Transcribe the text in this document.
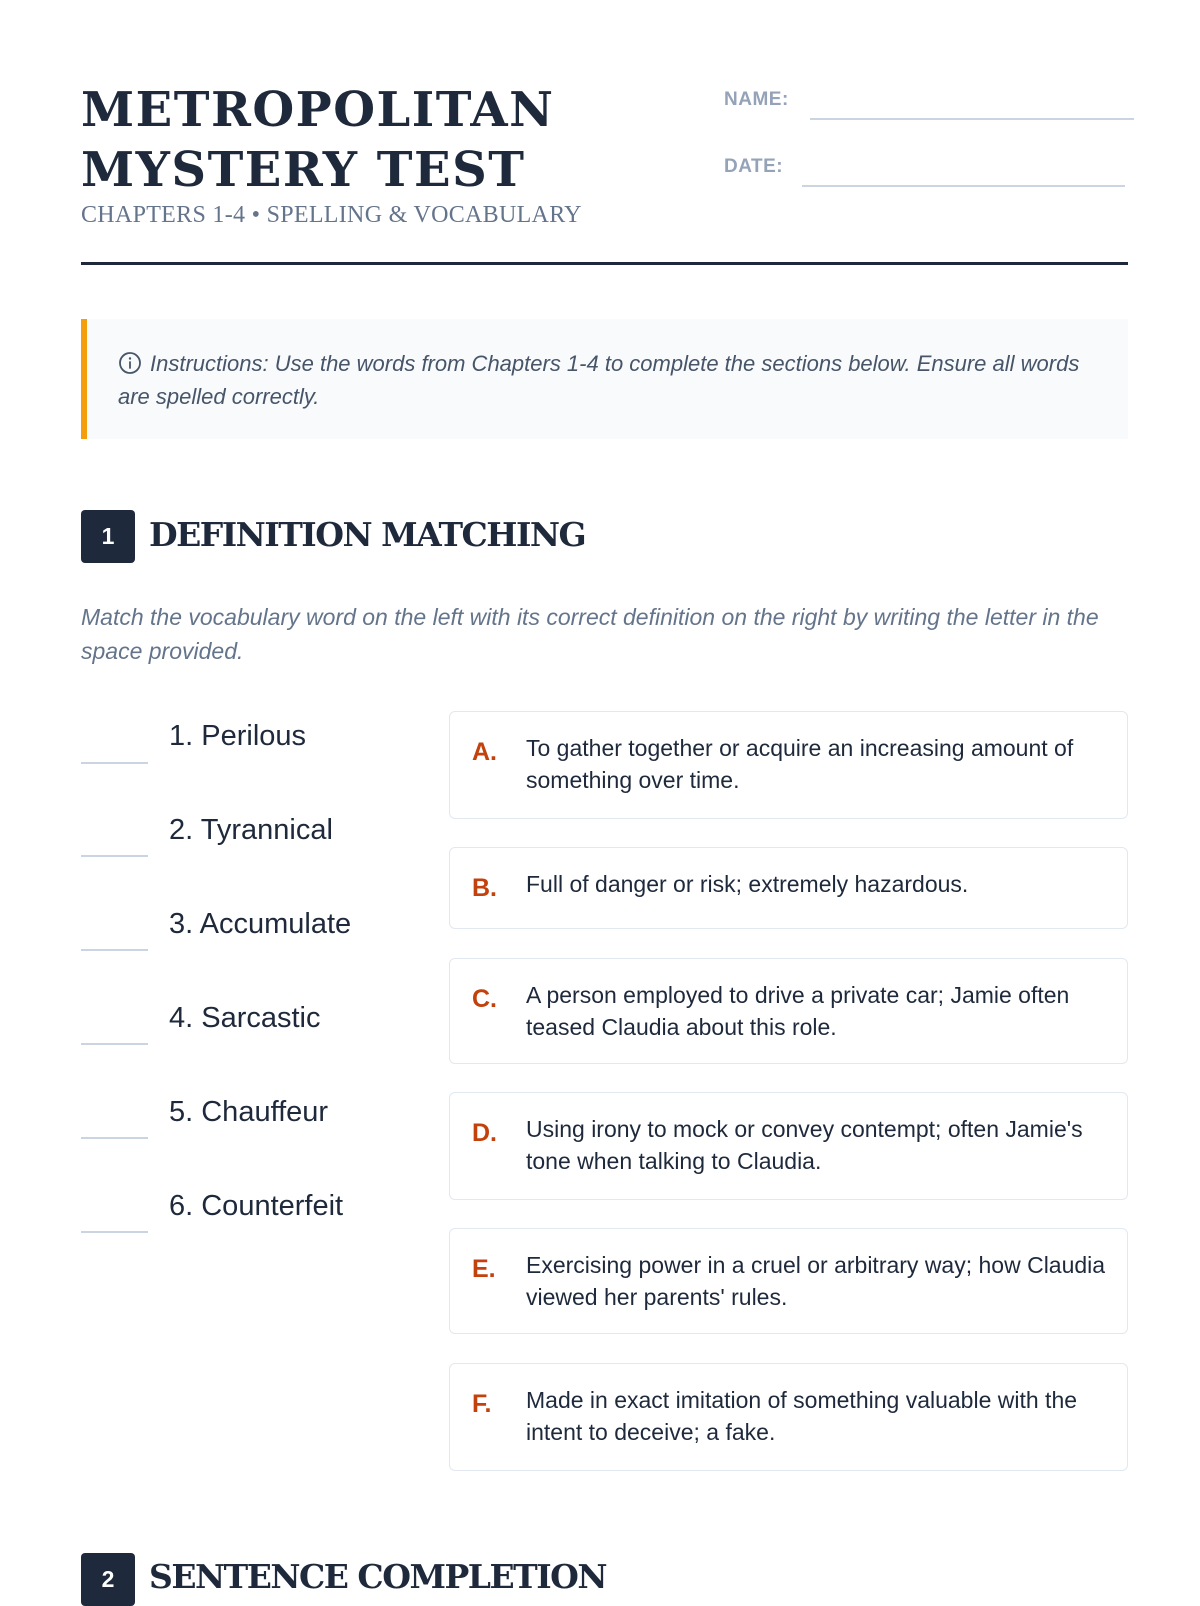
METROPOLITAN
MYSTERY TEST
CHAPTERS 1-4 • SPELLING & VOCABULARY
NAME:
DATE:
Instructions: Use the words from Chapters 1-4 to complete the sections below. Ensure all words are spelled correctly.
1	DEFINITION MATCHING
Match the vocabulary word on the left with its correct definition on the right by writing the letter in the space provided.
1. Perilous
2. Tyrannical
3. Accumulate
4. Sarcastic
5. Chauffeur
6. Counterfeit
A. To gather together or acquire an increasing amount of something over time.
B. Full of danger or risk; extremely hazardous.
C. A person employed to drive a private car; Jamie often teased Claudia about this role.
D. Using irony to mock or convey contempt; often Jamie's tone when talking to Claudia.
E. Exercising power in a cruel or arbitrary way; how Claudia viewed her parents' rules.
F. Made in exact imitation of something valuable with the intent to deceive; a fake.
2	SENTENCE COMPLETION
